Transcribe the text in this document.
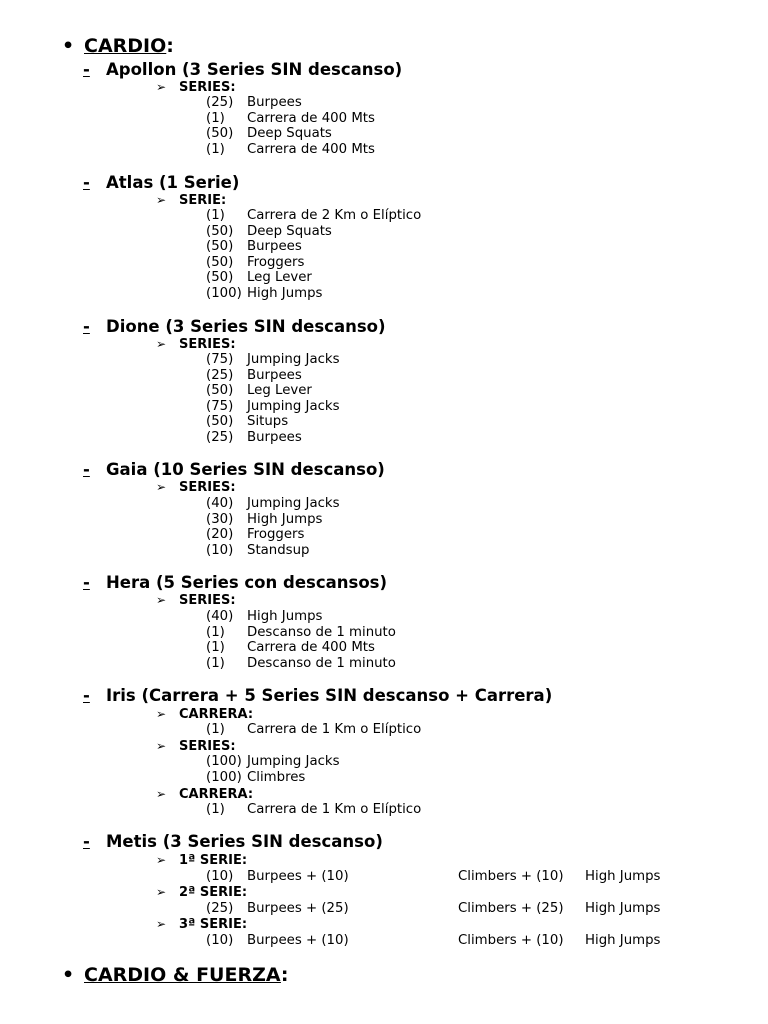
• CARDIO:
- Apollon (3 Series SIN descanso)
➢ SERIES:
(25) Burpees
(1) Carrera de 400 Mts
(50) Deep Squats
(1) Carrera de 400 Mts
- Atlas (1 Serie)
➢ SERIE:
(1) Carrera de 2 Km o Elíptico
(50) Deep Squats
(50) Burpees
(50) Froggers
(50) Leg Lever
(100) High Jumps
- Dione (3 Series SIN descanso)
➢ SERIES:
(75) Jumping Jacks
(25) Burpees
(50) Leg Lever
(75) Jumping Jacks
(50) Situps
(25) Burpees
- Gaia (10 Series SIN descanso)
➢ SERIES:
(40) Jumping Jacks
(30) High Jumps
(20) Froggers
(10) Standsup
- Hera (5 Series con descansos)
➢ SERIES:
(40) High Jumps
(1) Descanso de 1 minuto
(1) Carrera de 400 Mts
(1) Descanso de 1 minuto
- Iris (Carrera + 5 Series SIN descanso + Carrera)
➢ CARRERA:
(1) Carrera de 1 Km o Elíptico
➢ SERIES:
(100) Jumping Jacks
(100) Climbres
➢ CARRERA:
(1) Carrera de 1 Km o Elíptico
- Metis (3 Series SIN descanso)
➢ 1ª SERIE:
(10) Burpees + (10)	Climbers + (10) High Jumps
➢ 2ª SERIE:
(25) Burpees + (25)	Climbers + (25) High Jumps
➢ 3ª SERIE:
(10) Burpees + (10)	Climbers + (10) High Jumps
• CARDIO & FUERZA:
